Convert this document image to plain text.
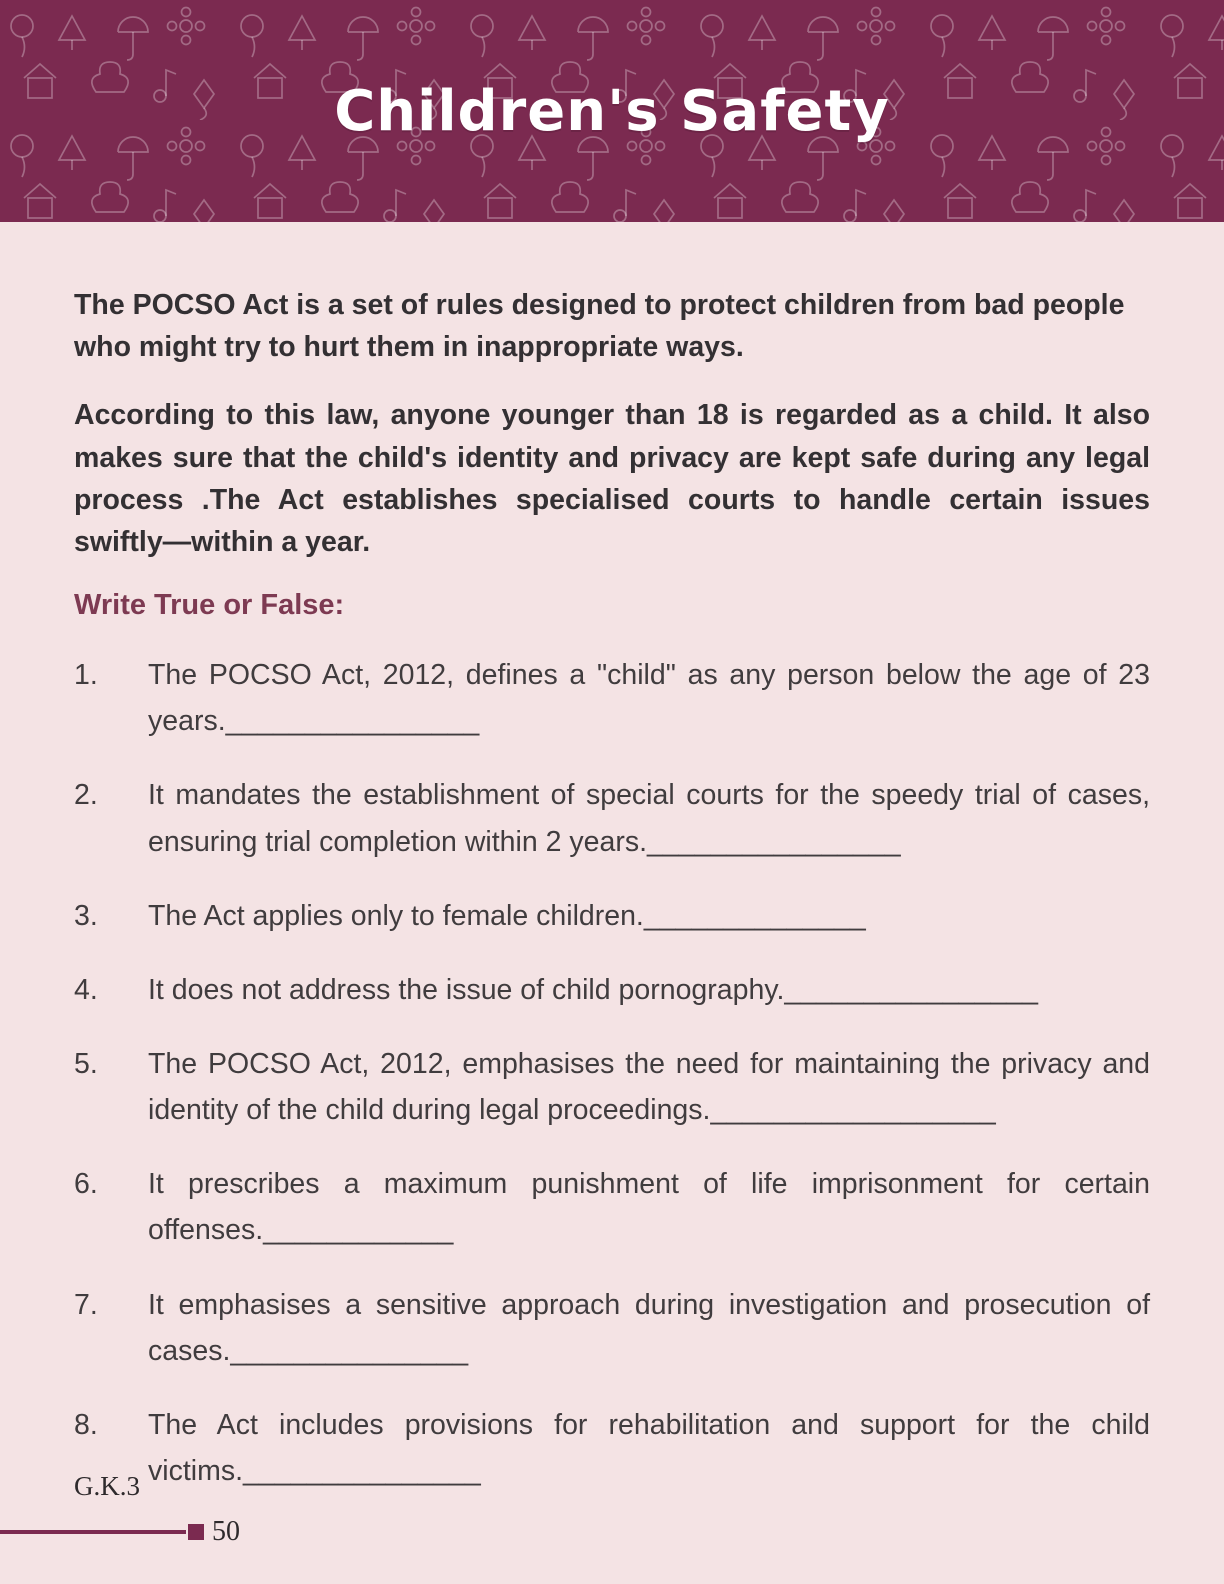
Children's Safety

The POCSO Act is a set of rules designed to protect children from bad people who might try to hurt them in inappropriate ways.

According to this law, anyone younger than 18 is regarded as a child. It also makes sure that the child's identity and privacy are kept safe during any legal process .The Act establishes specialised courts to handle certain issues swiftly—within a year.

Write True or False:
1.	The POCSO Act, 2012, defines a "child" as any person below the age of 23 years.________________
2.	It mandates the establishment of special courts for the speedy trial of cases, ensuring trial completion within 2 years.________________
3.	The Act applies only to female children.______________
4.	It does not address the issue of child pornography.________________
5.	The POCSO Act, 2012, emphasises the need for maintaining the privacy and identity of the child during legal proceedings.__________________
6.	It prescribes a maximum punishment of life imprisonment for certain offenses.____________
7.	It emphasises a sensitive approach during investigation and prosecution of cases._______________
8.	The Act includes provisions for rehabilitation and support for the child victims._______________
G.K.3
50
